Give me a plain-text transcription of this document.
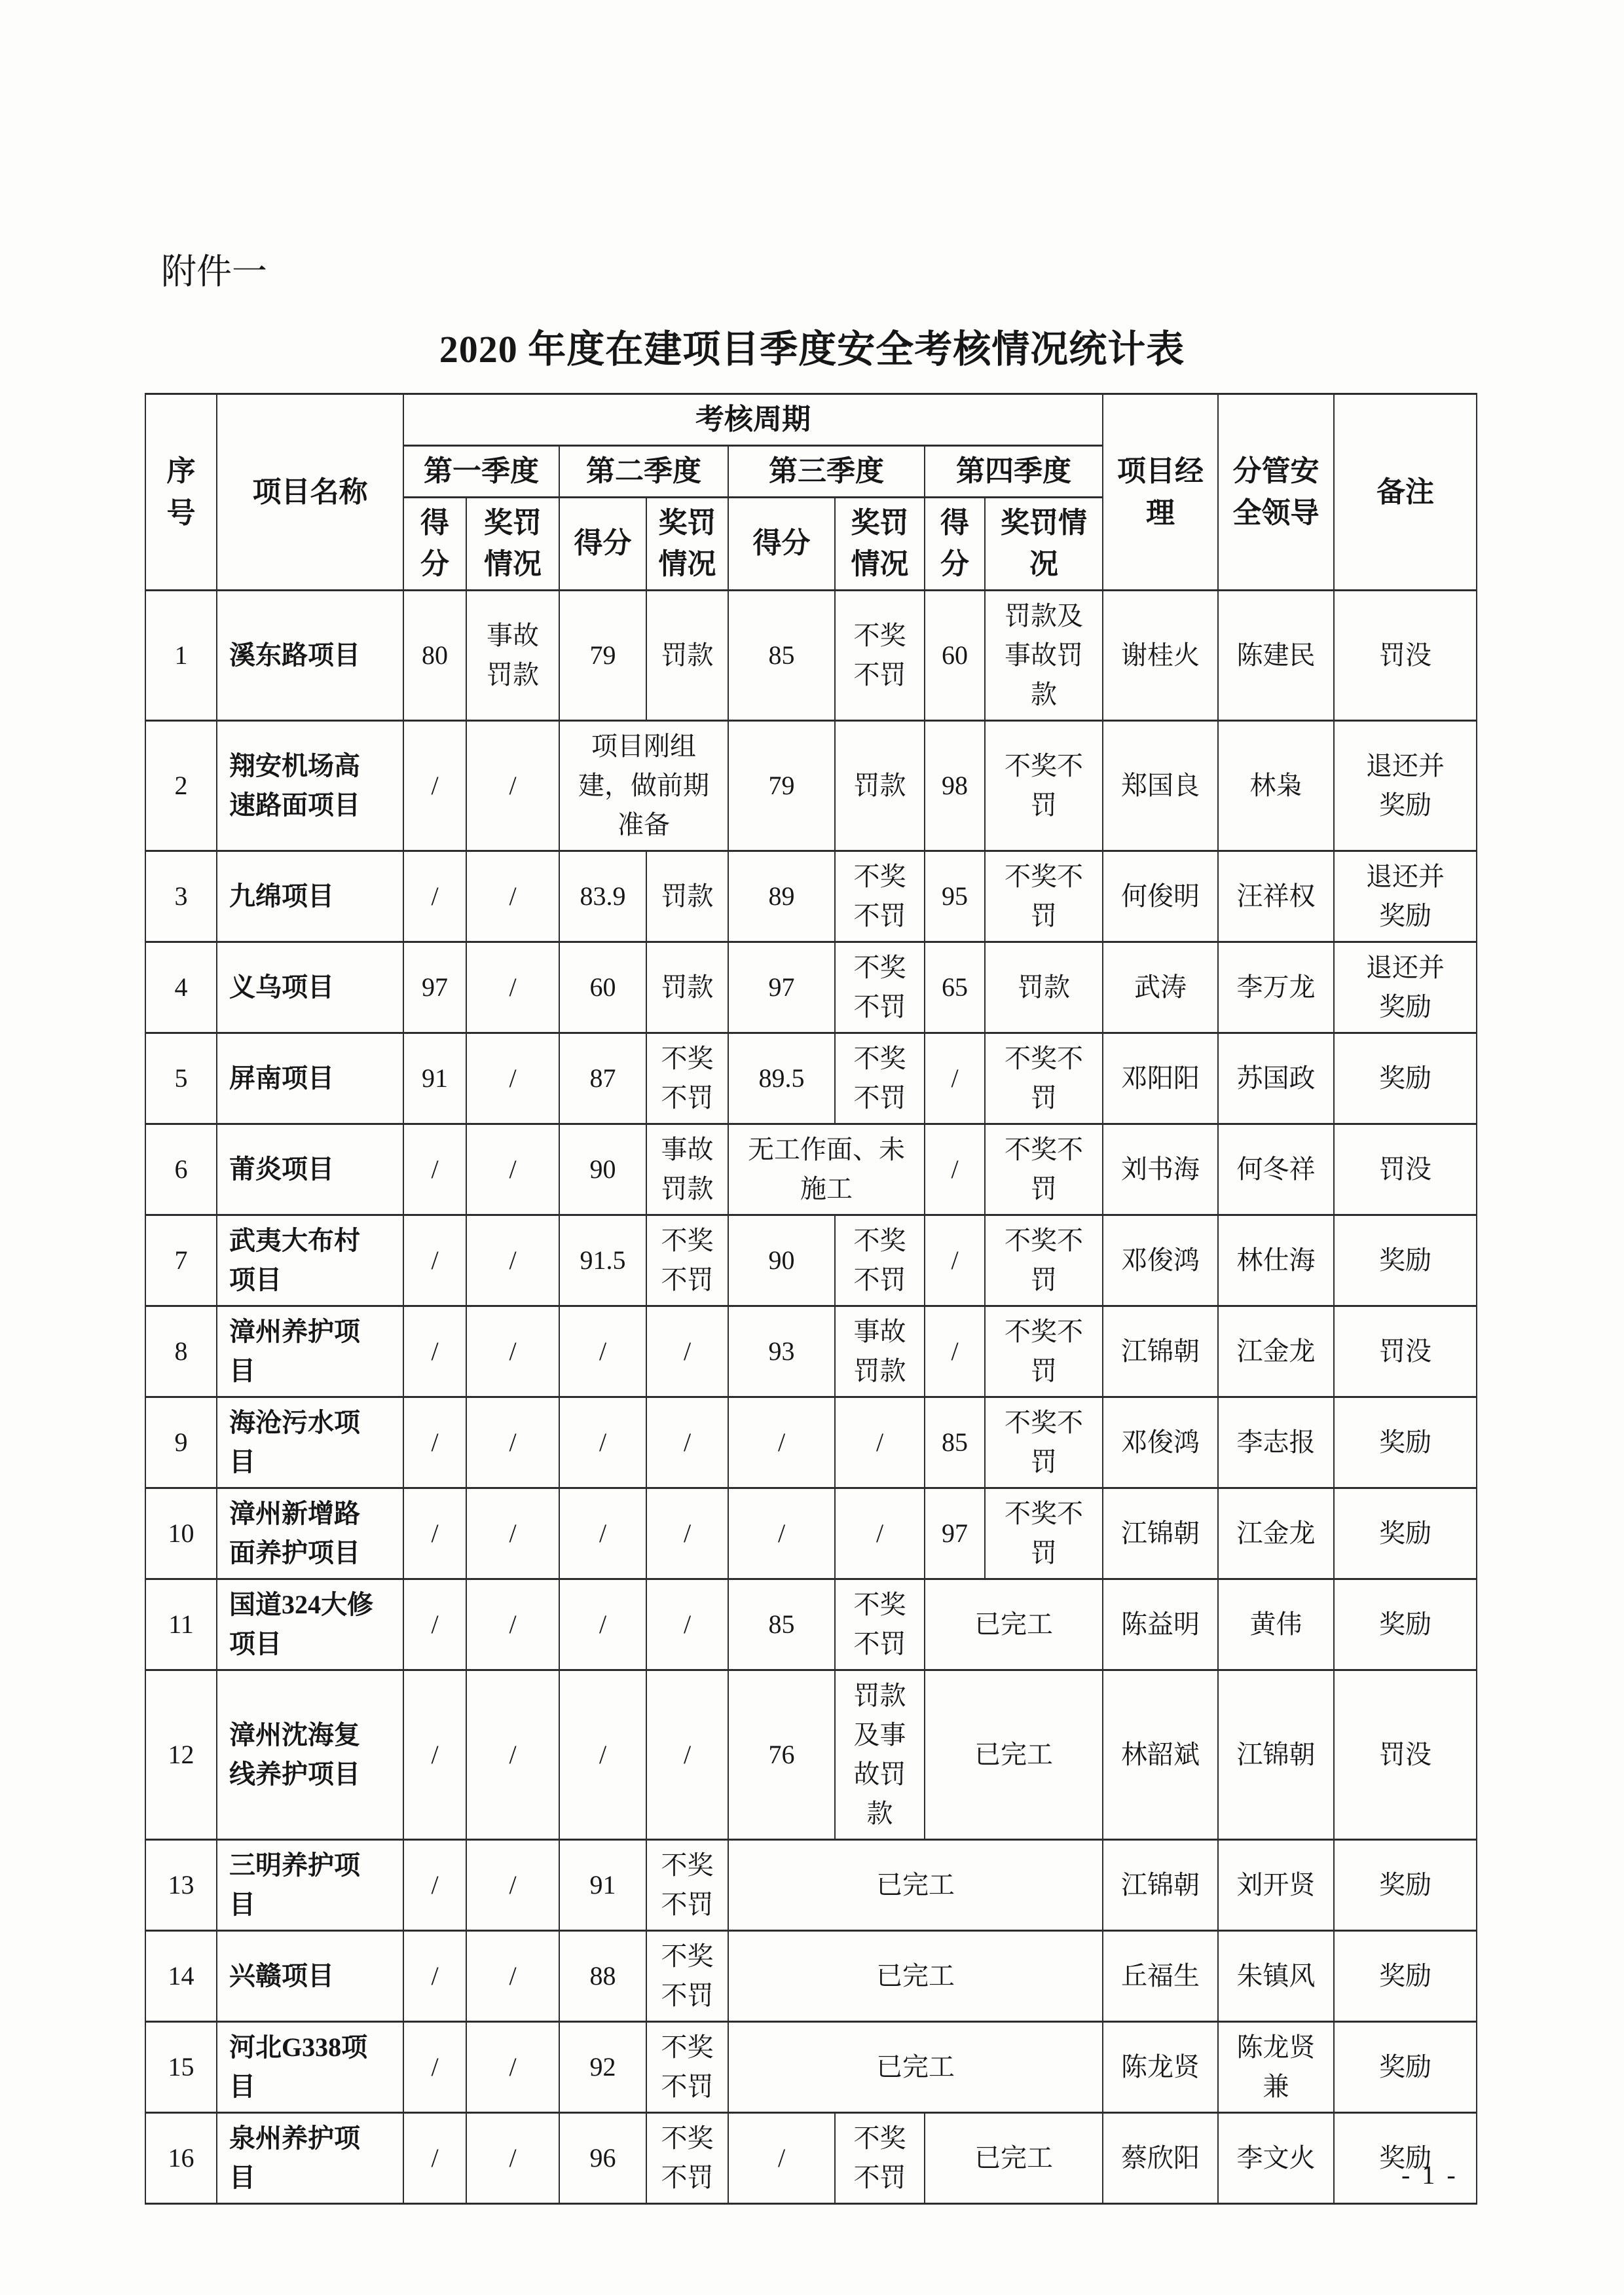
附件一
2020 年度在建项目季度安全考核情况统计表
序号	项目名称	考核周期								项目经理	分管安全领导	备注
		第一季度		第二季度		第三季度		第四季度				
		得分	奖罚情况	得分	奖罚情况	得分	奖罚情况	得分	奖罚情况			
1	溪东路项目	80	事故罚款	79	罚款	85	不奖不罚	60	罚款及事故罚款	谢桂火	陈建民	罚没
2	翔安机场高速路面项目	/	/	项目刚组建，做前期准备		79	罚款	98	不奖不罚	郑国良	林枭	退还并奖励
3	九绵项目	/	/	83.9	罚款	89	不奖不罚	95	不奖不罚	何俊明	汪祥权	退还并奖励
4	义乌项目	97	/	60	罚款	97	不奖不罚	65	罚款	武涛	李万龙	退还并奖励
5	屏南项目	91	/	87	不奖不罚	89.5	不奖不罚	/	不奖不罚	邓阳阳	苏国政	奖励
6	莆炎项目	/	/	90	事故罚款	无工作面、未施工		/	不奖不罚	刘书海	何冬祥	罚没
7	武夷大布村项目	/	/	91.5	不奖不罚	90	不奖不罚	/	不奖不罚	邓俊鸿	林仕海	奖励
8	漳州养护项目	/	/	/	/	93	事故罚款	/	不奖不罚	江锦朝	江金龙	罚没
9	海沧污水项目	/	/	/	/	/	/	85	不奖不罚	邓俊鸿	李志报	奖励
10	漳州新增路面养护项目	/	/	/	/	/	/	97	不奖不罚	江锦朝	江金龙	奖励
11	国道324大修项目	/	/	/	/	85	不奖不罚	已完工		陈益明	黄伟	奖励
12	漳州沈海复线养护项目	/	/	/	/	76	罚款及事故罚款	已完工		林韶斌	江锦朝	罚没
13	三明养护项目	/	/	91	不奖不罚	已完工				江锦朝	刘开贤	奖励
14	兴赣项目	/	/	88	不奖不罚	已完工				丘福生	朱镇风	奖励
15	河北G338项目	/	/	92	不奖不罚	已完工				陈龙贤	陈龙贤兼	奖励
16	泉州养护项目	/	/	96	不奖不罚	/	不奖不罚	已完工		蔡欣阳	李文火	奖励
- 1 -
